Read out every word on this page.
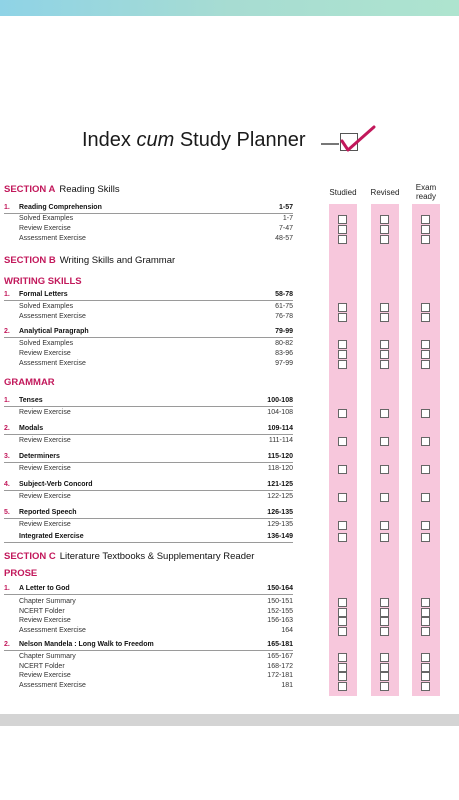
Index cum Study Planner
Studied	Revised
Exam ready
SECTION A Reading Skills
SECTION B Writing Skills and Grammar
WRITING SKILLS
GRAMMAR
SECTION C Literature Textbooks & Supplementary Reader
PROSE
1. Reading Comprehension	1-57
Solved Examples	1-7
Review Exercise	7-47
Assessment Exercise	48-57
1. Formal Letters	58-78
Solved Examples	61-75
Assessment Exercise	76-78
2. Analytical Paragraph	79-99
Solved Examples	80-82
Review Exercise	83-96
Assessment Exercise	97-99
1. Tenses	100-108
Review Exercise	104-108
2. Modals	109-114
Review Exercise	111-114
3. Determiners	115-120
Review Exercise	118-120
4. Subject-Verb Concord	121-125
Review Exercise	122-125
5. Reported Speech	126-135
Review Exercise	129-135
Integrated Exercise	136-149
1. A Letter to God	150-164
Chapter Summary	150-151
NCERT Folder	152-155
Review Exercise	156-163
Assessment Exercise	164
2. Nelson Mandela : Long Walk to Freedom	165-181
Chapter Summary	165-167
NCERT Folder	168-172
Review Exercise	172-181
Assessment Exercise	181
